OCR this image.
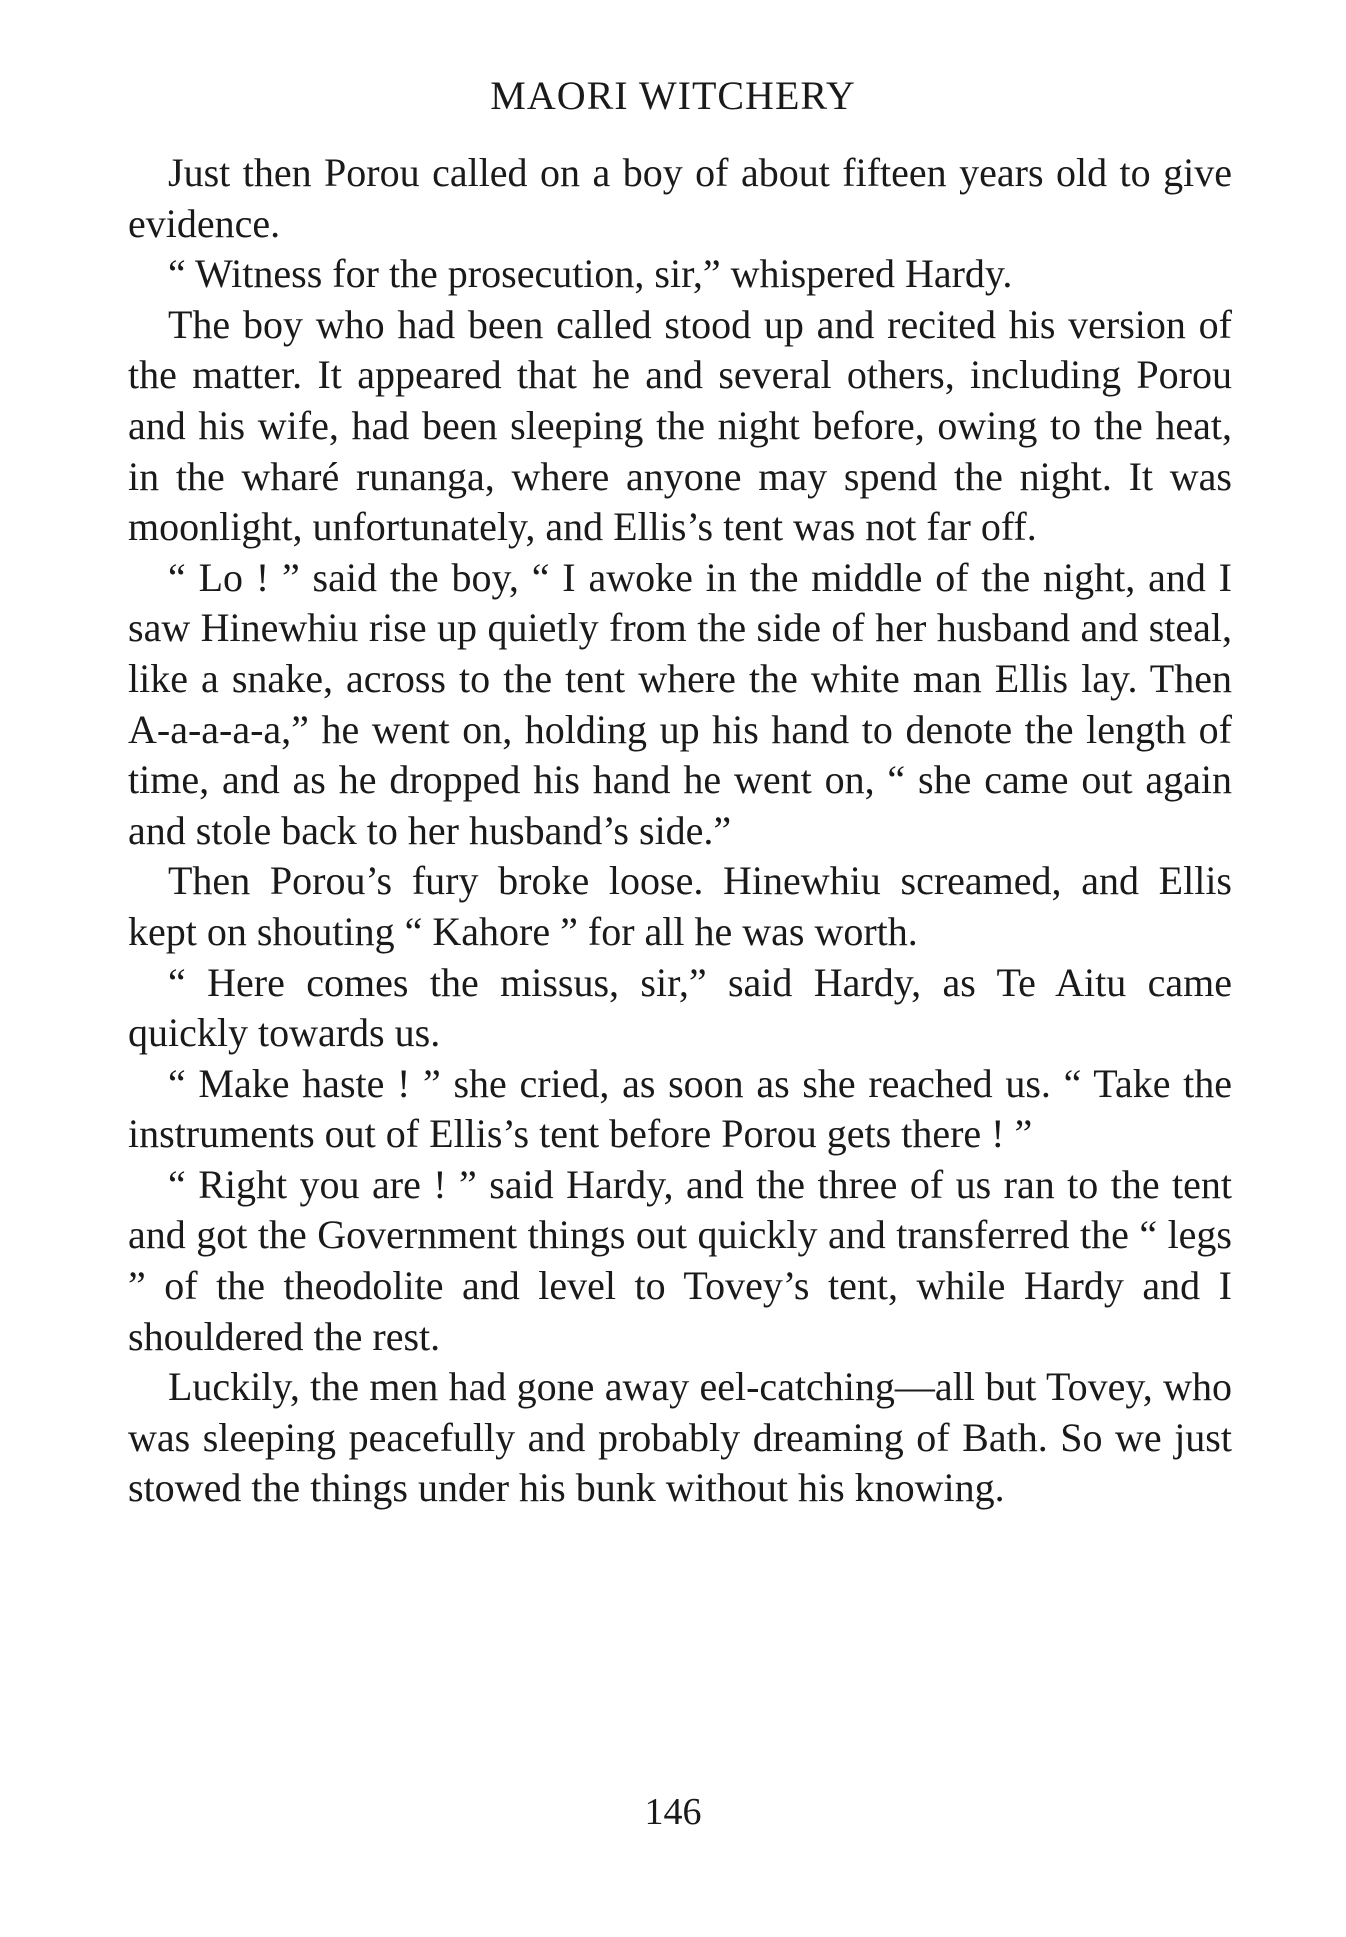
MAORI WITCHERY

Just then Porou called on a boy of about fifteen years old to give evidence.

“ Witness for the prosecution, sir,” whispered Hardy.

The boy who had been called stood up and recited his version of the matter. It appeared that he and several others, including Porou and his wife, had been sleeping the night before, owing to the heat, in the wharé runanga, where anyone may spend the night. It was moonlight, unfortunately, and Ellis’s tent was not far off.

“ Lo ! ” said the boy, “ I awoke in the middle of the night, and I saw Hinewhiu rise up quietly from the side of her husband and steal, like a snake, across to the tent where the white man Ellis lay. Then A-a-a-a-a,” he went on, holding up his hand to denote the length of time, and as he dropped his hand he went on, “ she came out again and stole back to her husband’s side.”

Then Porou’s fury broke loose. Hinewhiu screamed, and Ellis kept on shouting “ Kahore ” for all he was worth.

“ Here comes the missus, sir,” said Hardy, as Te Aitu came quickly towards us.

“ Make haste ! ” she cried, as soon as she reached us. “ Take the instruments out of Ellis’s tent before Porou gets there ! ”

“ Right you are ! ” said Hardy, and the three of us ran to the tent and got the Government things out quickly and transferred the “ legs ” of the theodolite and level to Tovey’s tent, while Hardy and I shouldered the rest.

Luckily, the men had gone away eel-catching—all but Tovey, who was sleeping peacefully and probably dreaming of Bath. So we just stowed the things under his bunk without his knowing.

146
